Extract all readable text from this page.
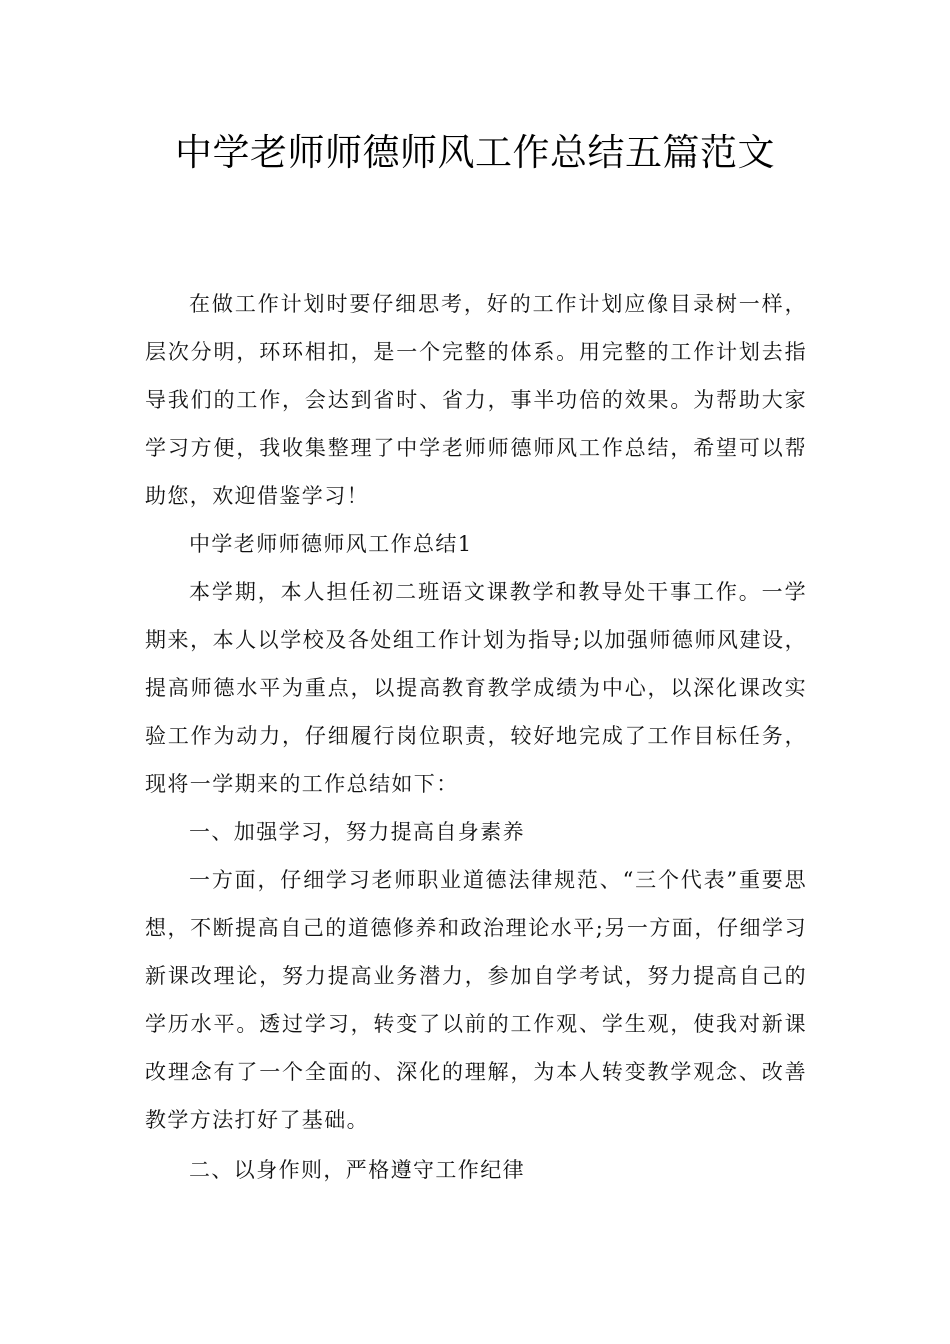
中学老师师德师风工作总结五篇范文

在做工作计划时要仔细思考，好的工作计划应像目录树一样，层次分明，环环相扣，是一个完整的体系。用完整的工作计划去指导我们的工作，会达到省时、省力，事半功倍的效果。为帮助大家学习方便，我收集整理了中学老师师德师风工作总结，希望可以帮助您，欢迎借鉴学习！

中学老师师德师风工作总结1

本学期，本人担任初二班语文课教学和教导处干事工作。一学期来，本人以学校及各处组工作计划为指导;以加强师德师风建设，提高师德水平为重点，以提高教育教学成绩为中心，以深化课改实验工作为动力，仔细履行岗位职责，较好地完成了工作目标任务，现将一学期来的工作总结如下：

一、加强学习，努力提高自身素养

一方面，仔细学习老师职业道德法律规范、“三个代表”重要思想，不断提高自己的道德修养和政治理论水平;另一方面，仔细学习新课改理论，努力提高业务潜力，参加自学考试，努力提高自己的学历水平。透过学习，转变了以前的工作观、学生观，使我对新课改理念有了一个全面的、深化的理解，为本人转变教学观念、改善教学方法打好了基础。

二、以身作则，严格遵守工作纪律
